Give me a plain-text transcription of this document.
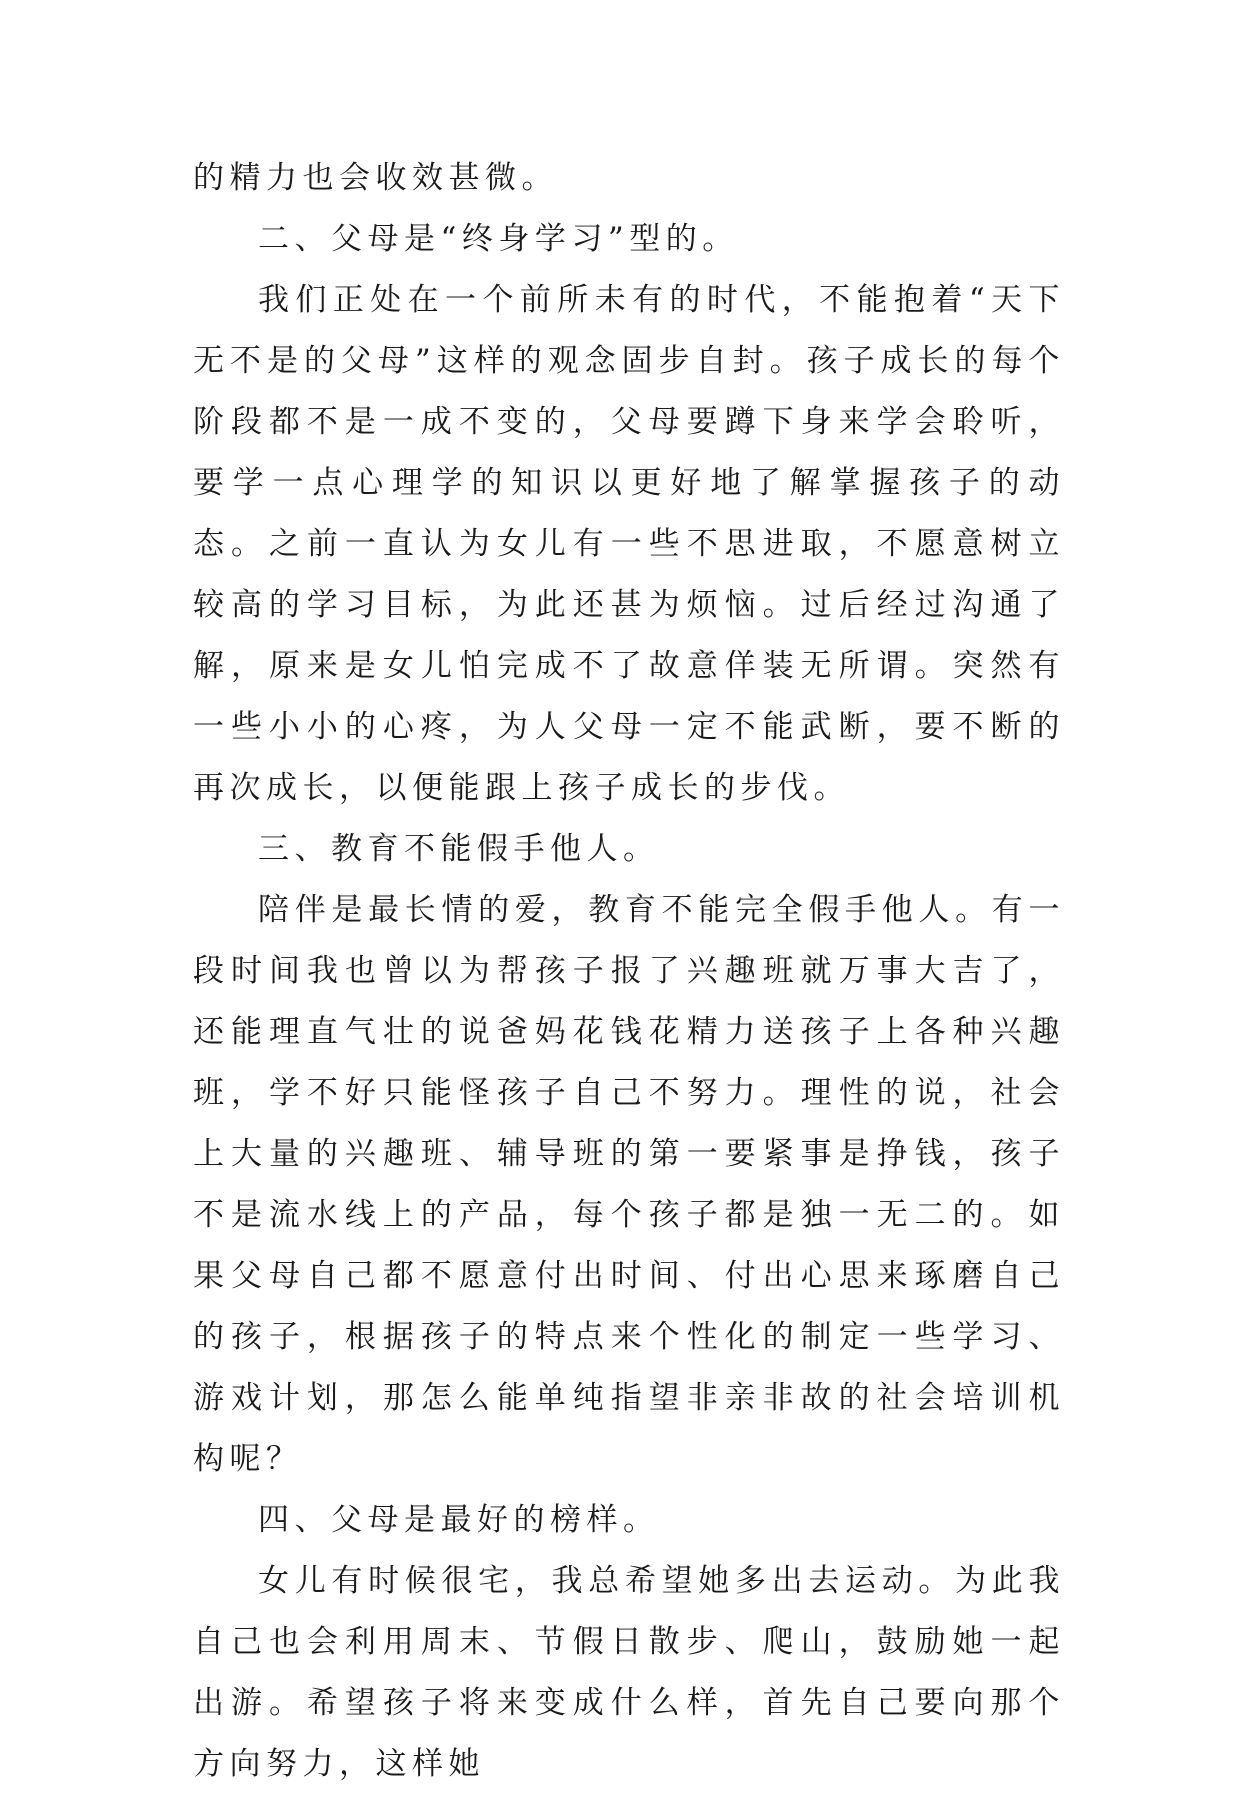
的精力也会收效甚微。

二、父母是“终身学习”型的。

我们正处在一个前所未有的时代，不能抱着“天下无不是的父母”这样的观念固步自封。孩子成长的每个阶段都不是一成不变的，父母要蹲下身来学会聆听，要学一点心理学的知识以更好地了解掌握孩子的动态。之前一直认为女儿有一些不思进取，不愿意树立较高的学习目标，为此还甚为烦恼。过后经过沟通了解，原来是女儿怕完成不了故意佯装无所谓。突然有一些小小的心疼，为人父母一定不能武断，要不断的再次成长，以便能跟上孩子成长的步伐。

三、教育不能假手他人。

陪伴是最长情的爱，教育不能完全假手他人。有一段时间我也曾以为帮孩子报了兴趣班就万事大吉了，还能理直气壮的说爸妈花钱花精力送孩子上各种兴趣班，学不好只能怪孩子自己不努力。理性的说，社会上大量的兴趣班、辅导班的第一要紧事是挣钱，孩子不是流水线上的产品，每个孩子都是独一无二的。如果父母自己都不愿意付出时间、付出心思来琢磨自己的孩子，根据孩子的特点来个性化的制定一些学习、游戏计划，那怎么能单纯指望非亲非故的社会培训机构呢？

四、父母是最好的榜样。

女儿有时候很宅，我总希望她多出去运动。为此我自己也会利用周末、节假日散步、爬山，鼓励她一起出游。希望孩子将来变成什么样，首先自己要向那个方向努力，这样她
